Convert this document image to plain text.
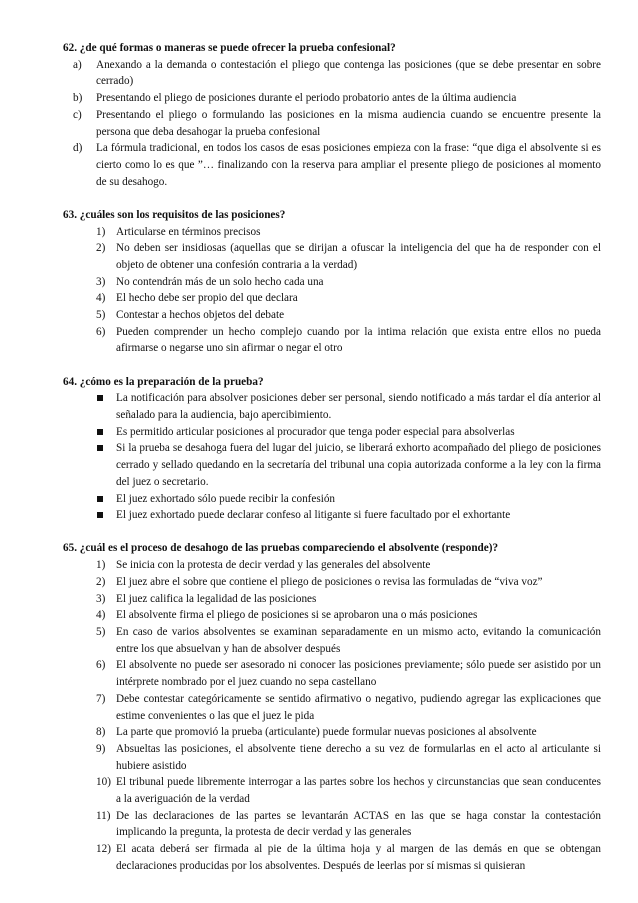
62. ¿de qué formas o maneras se puede ofrecer la prueba confesional?

a) Anexando a la demanda o contestación el pliego que contenga las posiciones (que se debe presentar en sobre cerrado)
b) Presentando el pliego de posiciones durante el periodo probatorio antes de la última audiencia
c) Presentando el pliego o formulando las posiciones en la misma audiencia cuando se encuentre presente la persona que deba desahogar la prueba confesional
d) La fórmula tradicional, en todos los casos de esas posiciones empieza con la frase: “que diga el absolvente si es cierto como lo es que ”… finalizando con la reserva para ampliar el presente pliego de posiciones al momento de su desahogo.

63. ¿cuáles son los requisitos de las posiciones?

1) Articularse en términos precisos
2) No deben ser insidiosas (aquellas que se dirijan a ofuscar la inteligencia del que ha de responder con el objeto de obtener una confesión contraria a la verdad)
3) No contendrán más de un solo hecho cada una
4) El hecho debe ser propio del que declara
5) Contestar a hechos objetos del debate
6) Pueden comprender un hecho complejo cuando por la intima relación que exista entre ellos no pueda afirmarse o negarse uno sin afirmar o negar el otro

64. ¿cómo es la preparación de la prueba?

La notificación para absolver posiciones deber ser personal, siendo notificado a más tardar el día anterior al señalado para la audiencia, bajo apercibimiento.
Es permitido articular posiciones al procurador que tenga poder especial para absolverlas
Si la prueba se desahoga fuera del lugar del juicio, se liberará exhorto acompañado del pliego de posiciones cerrado y sellado quedando en la secretaría del tribunal una copia autorizada conforme a la ley con la firma del juez o secretario.
El juez exhortado sólo puede recibir la confesión
El juez exhortado puede declarar confeso al litigante si fuere facultado por el exhortante

65. ¿cuál es el proceso de desahogo de las pruebas compareciendo el absolvente (responde)?

1) Se inicia con la protesta de decir verdad y las generales del absolvente
2) El juez abre el sobre que contiene el pliego de posiciones o revisa las formuladas de “viva voz”
3) El juez califica la legalidad de las posiciones
4) El absolvente firma el pliego de posiciones si se aprobaron una o más posiciones
5) En caso de varios absolventes se examinan separadamente en un mismo acto, evitando la comunicación entre los que absuelvan y han de absolver después
6) El absolvente no puede ser asesorado ni conocer las posiciones previamente; sólo puede ser asistido por un intérprete nombrado por el juez cuando no sepa castellano
7) Debe contestar categóricamente se sentido afirmativo o negativo, pudiendo agregar las explicaciones que estime convenientes o las que el juez le pida
8) La parte que promovió la prueba (articulante) puede formular nuevas posiciones al absolvente
9) Absueltas las posiciones, el absolvente tiene derecho a su vez de formularlas en el acto al articulante si hubiere asistido
10) El tribunal puede libremente interrogar a las partes sobre los hechos y circunstancias que sean conducentes a la averiguación de la verdad
11) De las declaraciones de las partes se levantarán ACTAS en las que se haga constar la contestación implicando la pregunta, la protesta de decir verdad y las generales
12) El acata deberá ser firmada al pie de la última hoja y al margen de las demás en que se obtengan declaraciones producidas por los absolventes. Después de leerlas por sí mismas si quisieran
